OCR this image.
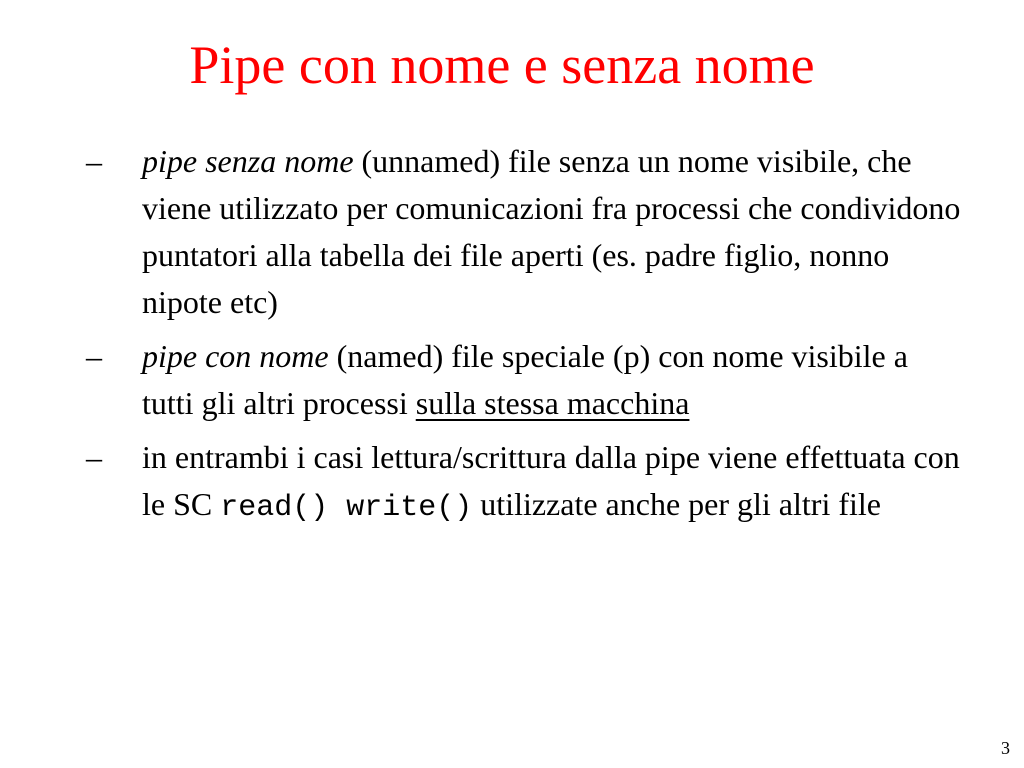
Pipe con nome e senza nome
– pipe senza nome (unnamed) file senza un nome visibile, che viene utilizzato per comunicazioni fra processi che condividono puntatori alla tabella dei file aperti (es. padre figlio, nonno nipote etc)
– pipe con nome (named) file speciale (p) con nome visibile a tutti gli altri processi sulla stessa macchina
– in entrambi i casi lettura/scrittura dalla pipe viene effettuata con le SC read() write() utilizzate anche per gli altri file
3
